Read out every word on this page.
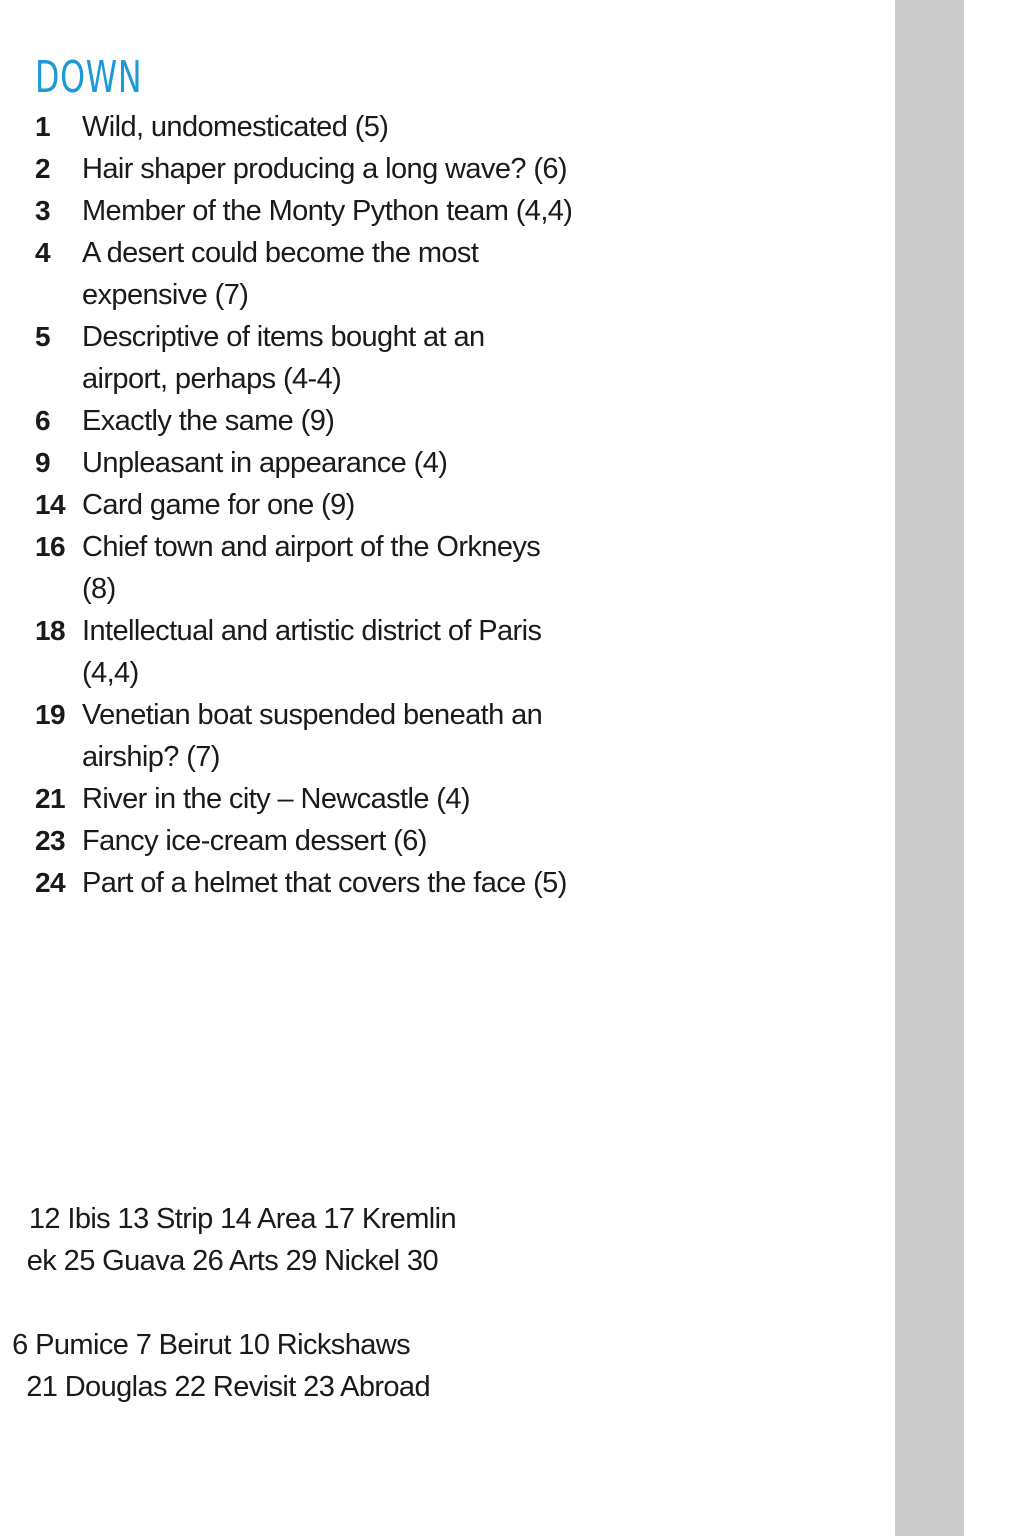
DOWN
1 Wild, undomesticated (5)
2 Hair shaper producing a long wave? (6)
3 Member of the Monty Python team (4,4)
4 A desert could become the most expensive (7)
5 Descriptive of items bought at an airport, perhaps (4-4)
6 Exactly the same (9)
9 Unpleasant in appearance (4)
14 Card game for one (9)
16 Chief town and airport of the Orkneys (8)
18 Intellectual and artistic district of Paris (4,4)
19 Venetian boat suspended beneath an airship? (7)
21 River in the city – Newcastle (4)
23 Fancy ice-cream dessert (6)
24 Part of a helmet that covers the face (5)
12 Ibis 13 Strip 14 Area 17 Kremlin
ek 25 Guava 26 Arts 29 Nickel 30
6 Pumice 7 Beirut 10 Rickshaws
21 Douglas 22 Revisit 23 Abroad
